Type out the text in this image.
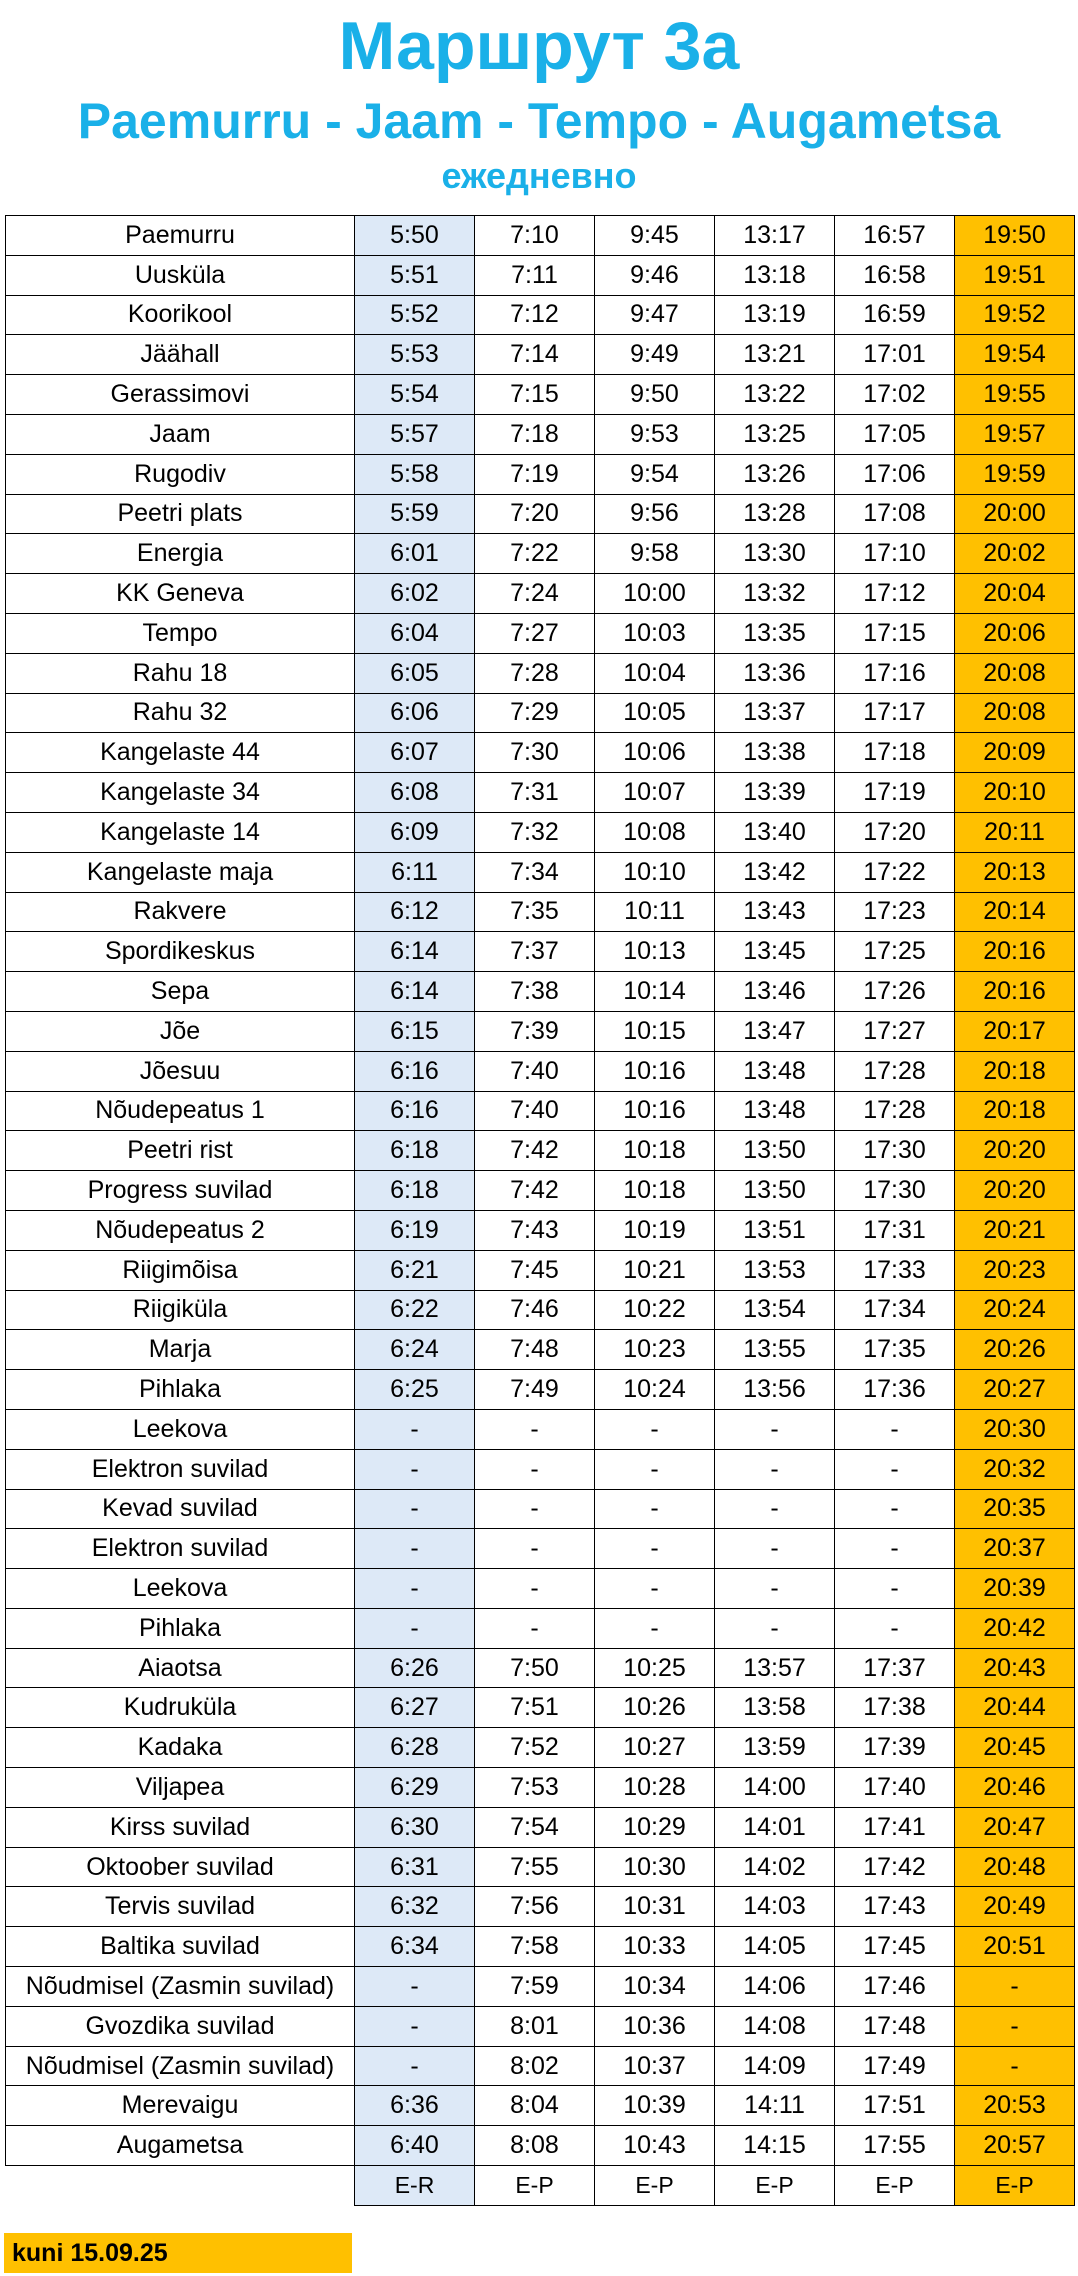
Маршрут 3а
Paemurru - Jaam - Tempo - Augametsa
ежедневно
Paemurru	5:50	7:10	9:45	13:17	16:57	19:50
Uusküla	5:51	7:11	9:46	13:18	16:58	19:51
Koorikool	5:52	7:12	9:47	13:19	16:59	19:52
Jäähall	5:53	7:14	9:49	13:21	17:01	19:54
Gerassimovi	5:54	7:15	9:50	13:22	17:02	19:55
Jaam	5:57	7:18	9:53	13:25	17:05	19:57
Rugodiv	5:58	7:19	9:54	13:26	17:06	19:59
Peetri plats	5:59	7:20	9:56	13:28	17:08	20:00
Energia	6:01	7:22	9:58	13:30	17:10	20:02
KK Geneva	6:02	7:24	10:00	13:32	17:12	20:04
Tempo	6:04	7:27	10:03	13:35	17:15	20:06
Rahu 18	6:05	7:28	10:04	13:36	17:16	20:08
Rahu 32	6:06	7:29	10:05	13:37	17:17	20:08
Kangelaste 44	6:07	7:30	10:06	13:38	17:18	20:09
Kangelaste 34	6:08	7:31	10:07	13:39	17:19	20:10
Kangelaste 14	6:09	7:32	10:08	13:40	17:20	20:11
Kangelaste maja	6:11	7:34	10:10	13:42	17:22	20:13
Rakvere	6:12	7:35	10:11	13:43	17:23	20:14
Spordikeskus	6:14	7:37	10:13	13:45	17:25	20:16
Sepa	6:14	7:38	10:14	13:46	17:26	20:16
Jõe	6:15	7:39	10:15	13:47	17:27	20:17
Jõesuu	6:16	7:40	10:16	13:48	17:28	20:18
Nõudepeatus 1	6:16	7:40	10:16	13:48	17:28	20:18
Peetri rist	6:18	7:42	10:18	13:50	17:30	20:20
Progress suvilad	6:18	7:42	10:18	13:50	17:30	20:20
Nõudepeatus 2	6:19	7:43	10:19	13:51	17:31	20:21
Riigimõisa	6:21	7:45	10:21	13:53	17:33	20:23
Riigiküla	6:22	7:46	10:22	13:54	17:34	20:24
Marja	6:24	7:48	10:23	13:55	17:35	20:26
Pihlaka	6:25	7:49	10:24	13:56	17:36	20:27
Leekova	-	-	-	-	-	20:30
Elektron suvilad	-	-	-	-	-	20:32
Kevad suvilad	-	-	-	-	-	20:35
Elektron suvilad	-	-	-	-	-	20:37
Leekova	-	-	-	-	-	20:39
Pihlaka	-	-	-	-	-	20:42
Aiaotsa	6:26	7:50	10:25	13:57	17:37	20:43
Kudruküla	6:27	7:51	10:26	13:58	17:38	20:44
Kadaka	6:28	7:52	10:27	13:59	17:39	20:45
Viljapea	6:29	7:53	10:28	14:00	17:40	20:46
Kirss suvilad	6:30	7:54	10:29	14:01	17:41	20:47
Oktoober suvilad	6:31	7:55	10:30	14:02	17:42	20:48
Tervis suvilad	6:32	7:56	10:31	14:03	17:43	20:49
Baltika suvilad	6:34	7:58	10:33	14:05	17:45	20:51
Nõudmisel (Zasmin suvilad)	-	7:59	10:34	14:06	17:46	-
Gvozdika suvilad	-	8:01	10:36	14:08	17:48	-
Nõudmisel (Zasmin suvilad)	-	8:02	10:37	14:09	17:49	-
Merevaigu	6:36	8:04	10:39	14:11	17:51	20:53
Augametsa	6:40	8:08	10:43	14:15	17:55	20:57
	E-R	E-P	E-P	E-P	E-P	E-P
kuni 15.09.25
